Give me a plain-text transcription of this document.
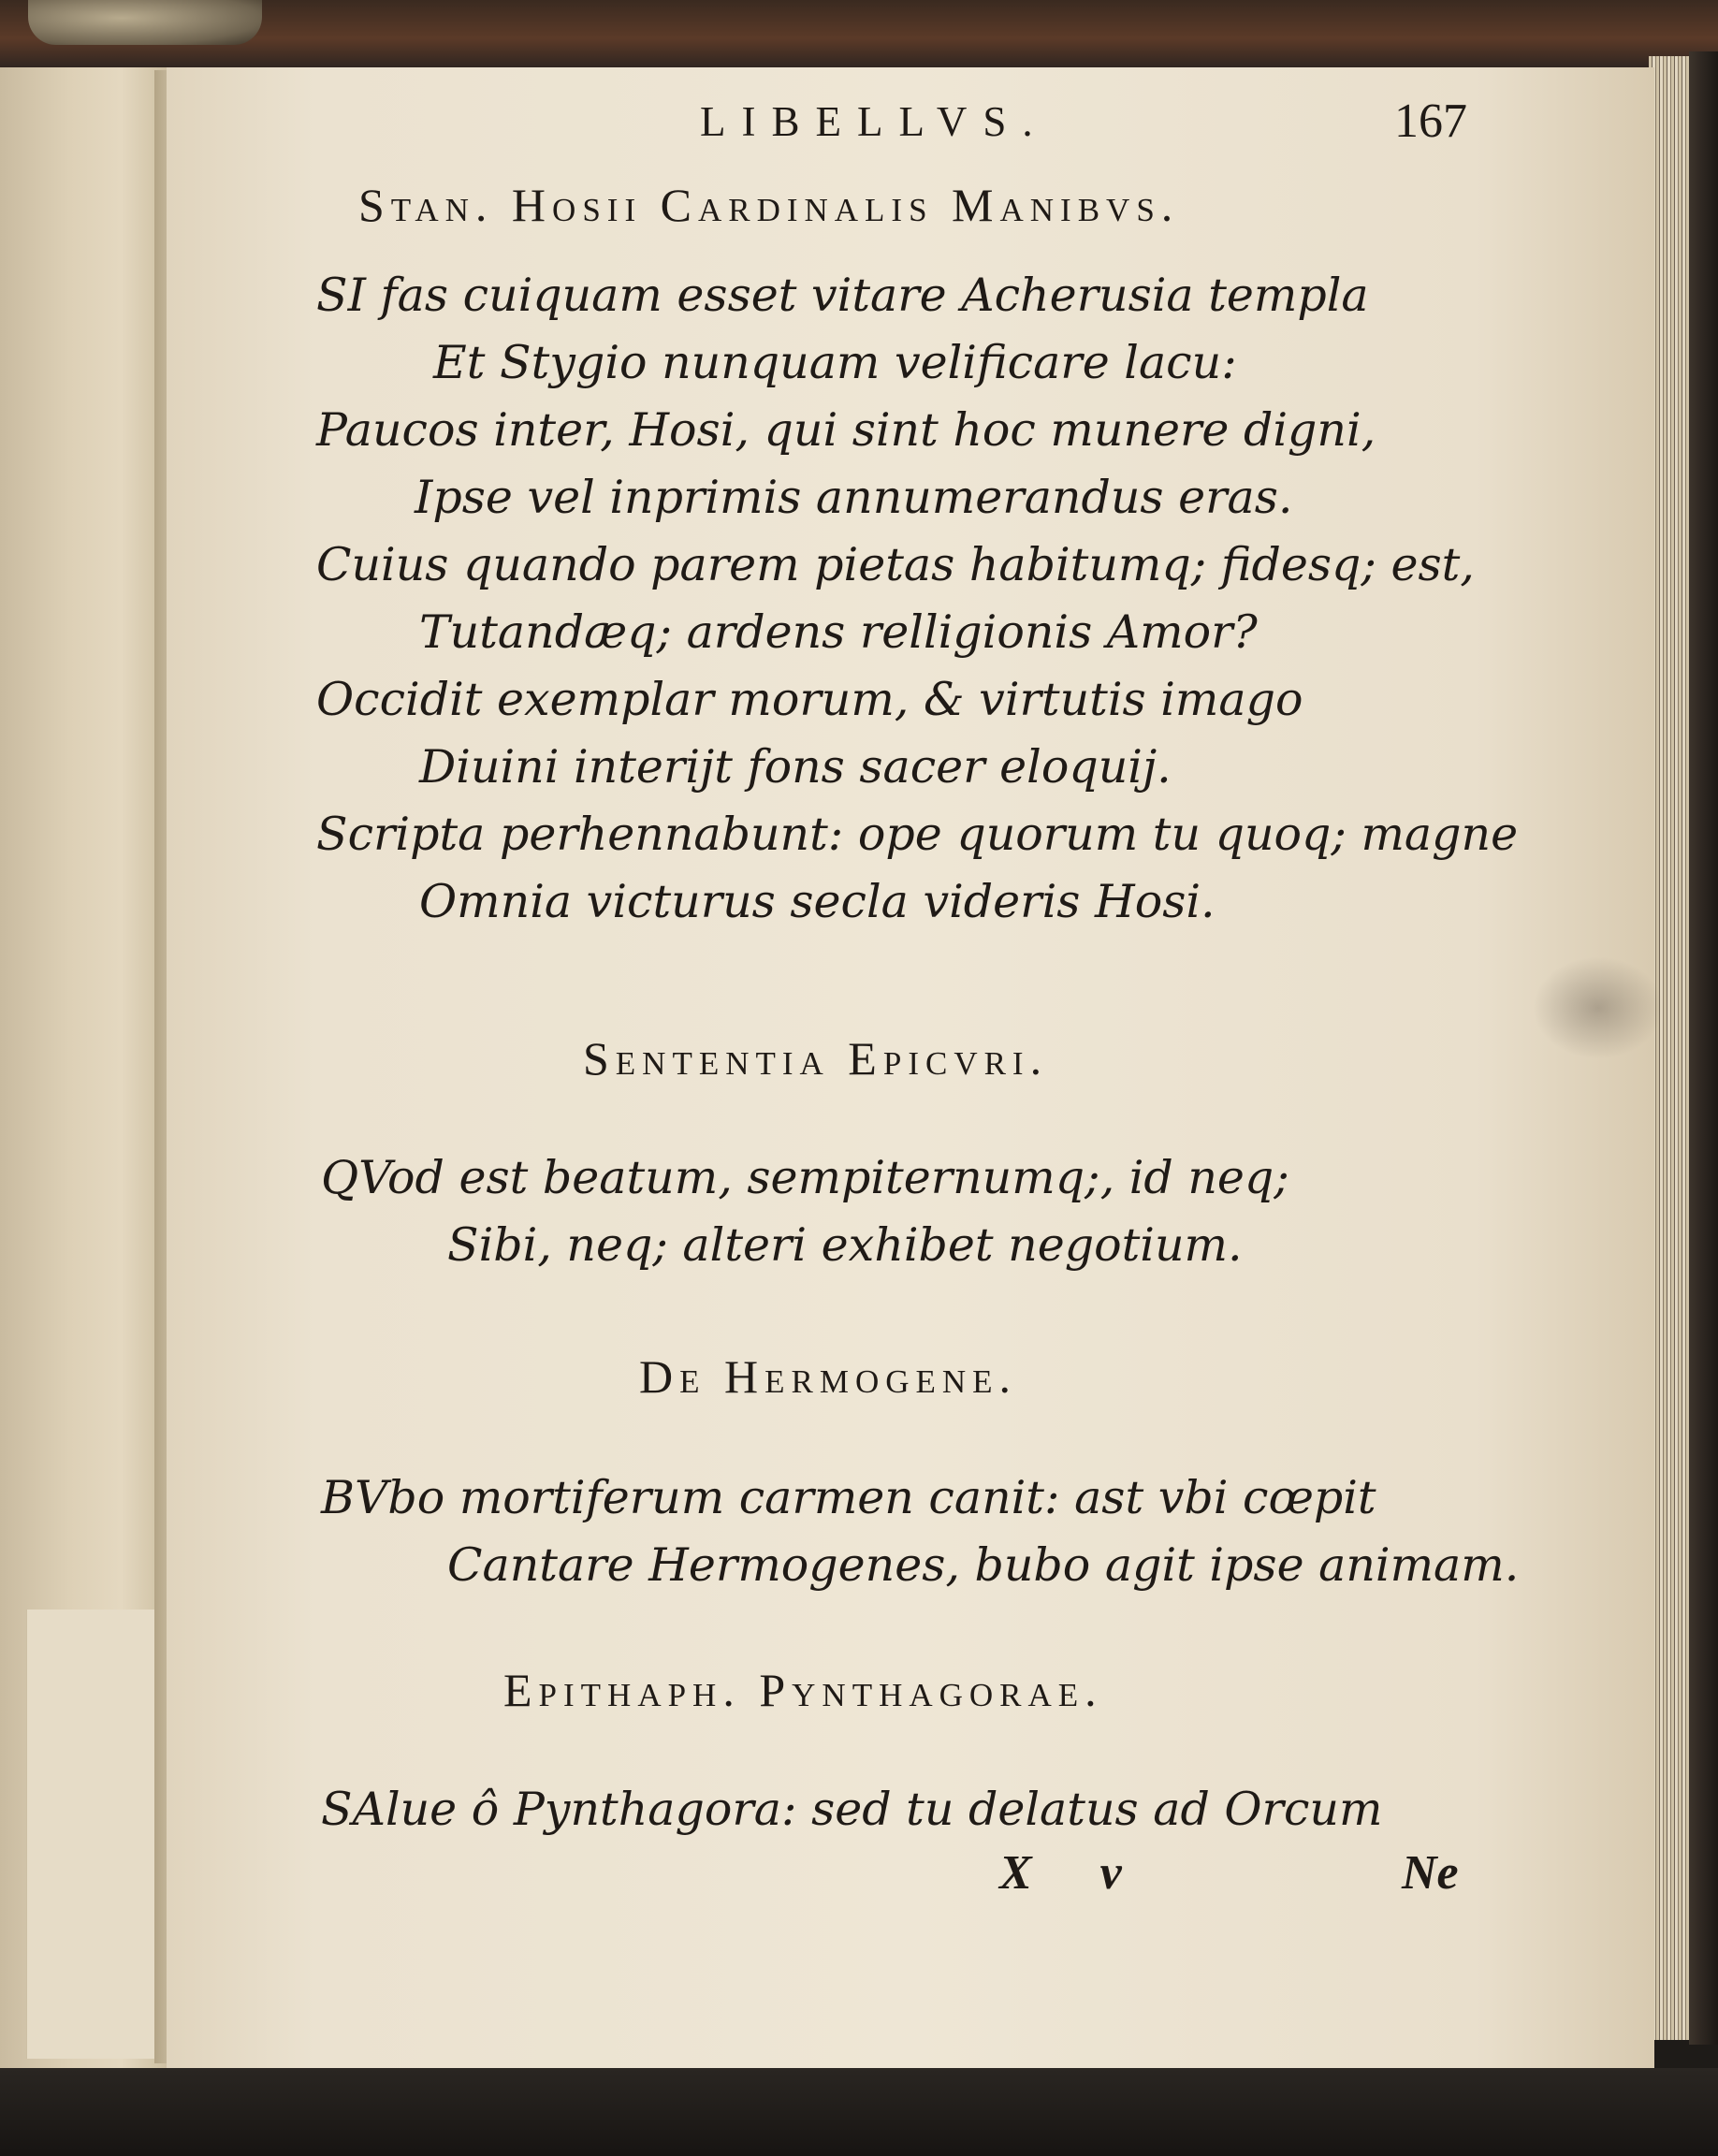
LIBELLVS.	167
Stan. Hosii Cardinalis Manibvs.
SI fas cuiquam esset vitare Acherusia templa
Et Stygio nunquam velificare lacu:
Paucos inter, Hosi, qui sint hoc munere digni,
Ipse vel inprimis annumerandus eras.
Cuius quando parem pietas habitumq; fidesq; est,
Tutandæq; ardens relligionis Amor?
Occidit exemplar morum, & virtutis imago
Diuini interijt fons sacer eloquij.
Scripta perhennabunt: ope quorum tu quoq; magne
Omnia victurus secla videris Hosi.
Sententia Epicvri.
QVod est beatum, sempiternumq;, id neq;
Sibi, neq; alteri exhibet negotium.
De Hermogene.
BVbo mortiferum carmen canit: ast vbi cœpit
Cantare Hermogenes, bubo agit ipse animam.
Epithaph. Pynthagorae.
SAlue ô Pynthagora: sed tu delatus ad Orcum
X v	Ne
